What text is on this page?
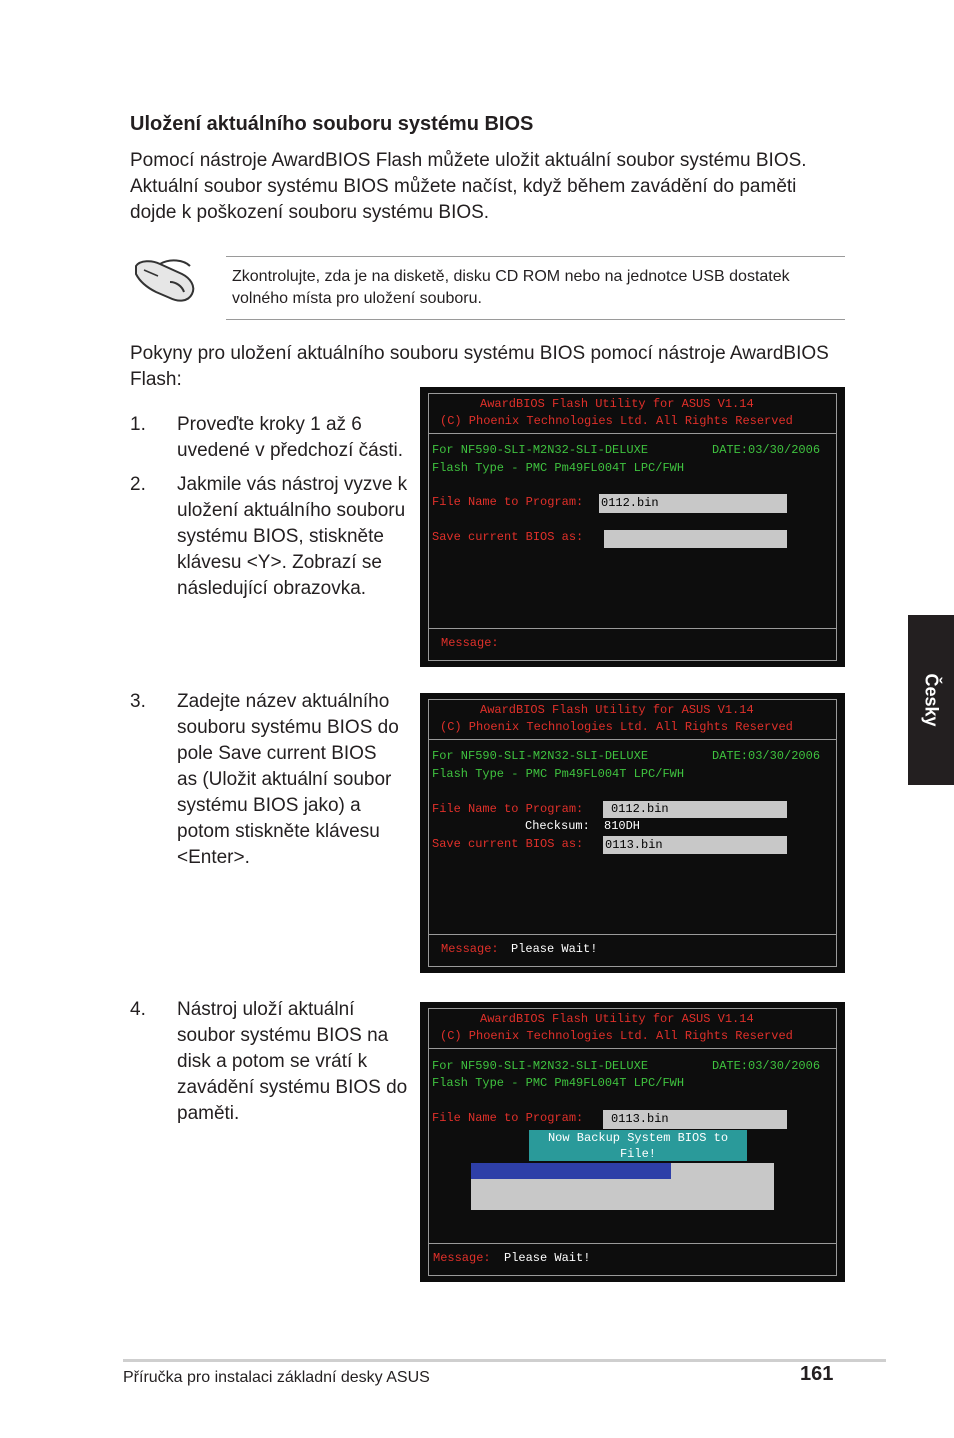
Uložení aktuálního souboru systému BIOS
Pomocí nástroje AwardBIOS Flash můžete uložit aktuální soubor systému BIOS.
Aktuální soubor systému BIOS můžete načíst, když během zavádění do paměti
dojde k poškození souboru systému BIOS.
Zkontrolujte, zda je na disketě, disku CD ROM nebo na jednotce USB dostatek
volného místa pro uložení souboru.
Pokyny pro uložení aktuálního souboru systému BIOS pomocí nástroje AwardBIOS
Flash:
1. Proveďte kroky 1 až 6
uvedené v předchozí části.
2. Jakmile vás nástroj vyzve k
uložení aktuálního souboru
systému BIOS, stiskněte
klávesu <Y>. Zobrazí se
následující obrazovka.
3. Zadejte název aktuálního
souboru systému BIOS do
pole Save current BIOS
as (Uložit aktuální soubor
systému BIOS jako) a
potom stiskněte klávesu
<Enter>.
4. Nástroj uloží aktuální
soubor systému BIOS na
disk a potom se vrátí k
zavádění systému BIOS do
paměti.
AwardBIOS Flash Utility for ASUS V1.14
(C) Phoenix Technologies Ltd. All Rights Reserved
For NF590-SLI-M2N32-SLI-DELUXE	DATE:03/30/2006
Flash Type - PMC Pm49FL004T LPC/FWH
File Name to Program: 0112.bin
Save current BIOS as:
Message:
AwardBIOS Flash Utility for ASUS V1.14
(C) Phoenix Technologies Ltd. All Rights Reserved
For NF590-SLI-M2N32-SLI-DELUXE	DATE:03/30/2006
Flash Type - PMC Pm49FL004T LPC/FWH
File Name to Program:	0112.bin
Checksum: 810DH
Save current BIOS as: 0113.bin
Message: Please Wait!
AwardBIOS Flash Utility for ASUS V1.14
(C) Phoenix Technologies Ltd. All Rights Reserved
For NF590-SLI-M2N32-SLI-DELUXE	DATE:03/30/2006
Flash Type - PMC Pm49FL004T LPC/FWH
File Name to Program:	0113.bin
Now Backup System BIOS to
File!
Message: Please Wait!
Česky
Příručka pro instalaci základní desky ASUS	161
